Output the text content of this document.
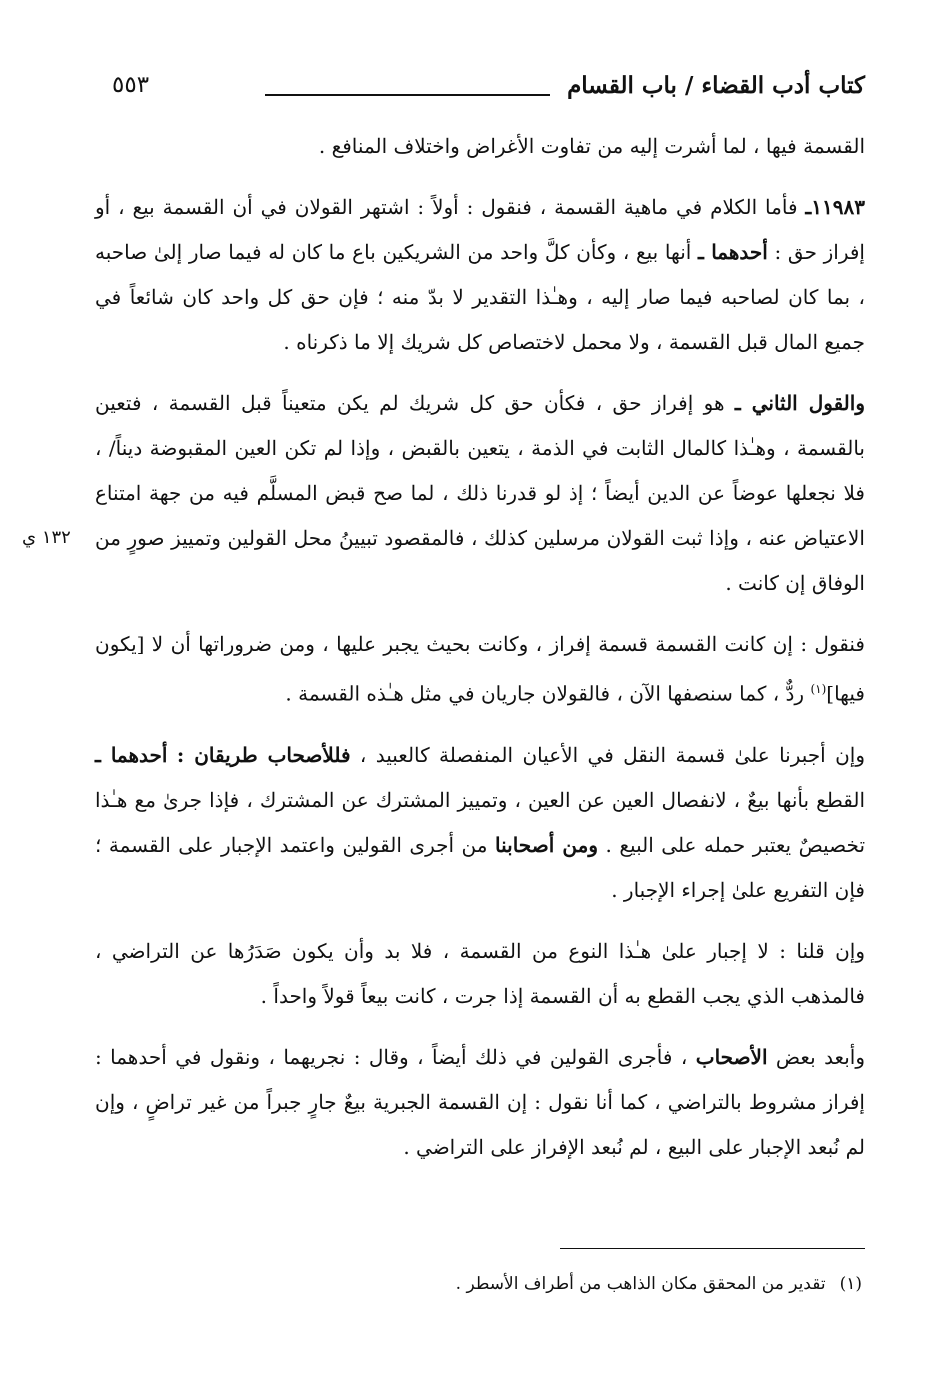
٥٥٣	كتاب أدب القضاء / باب القسام
١٣٢ ي

القسمة فيها ، لما أشرت إليه من تفاوت الأغراض واختلاف المنافع .

١١٩٨٣ـ فأما الكلام في ماهية القسمة ، فنقول : أولاً : اشتهر القولان في أن القسمة بيع ، أو إفراز حق : أحدهما ـ أنها بيع ، وكأن كلَّ واحد من الشريكين باع ما كان له فيما صار إلىٰ صاحبه ، بما كان لصاحبه فيما صار إليه ، وهـٰذا التقدير لا بدّ منه ؛ فإن حق كل واحد كان شائعاً في جميع المال قبل القسمة ، ولا محمل لاختصاص كل شريك إلا ما ذكرناه .

والقول الثاني ـ هو إفراز حق ، فكأن حق كل شريك لم يكن متعيناً قبل القسمة ، فتعين بالقسمة ، وهـٰذا كالمال الثابت في الذمة ، يتعين بالقبض ، وإذا لم تكن العين المقبوضة ديناً/ ، فلا نجعلها عوضاً عن الدين أيضاً ؛ إذ لو قدرنا ذلك ، لما صح قبض المسلَّم فيه من جهة امتناع الاعتياض عنه ، وإذا ثبت القولان مرسلين كذلك ، فالمقصود تبيينُ محل القولين وتمييز صورٍ من الوفاق إن كانت .

فنقول : إن كانت القسمة قسمة إفراز ، وكانت بحيث يجبر عليها ، ومن ضروراتها أن لا [يكون فيها]$^{(١)}$ ردٌّ ، كما سنصفها الآن ، فالقولان جاريان في مثل هـٰذه القسمة .

وإن أجبرنا علىٰ قسمة النقل في الأعيان المنفصلة كالعبيد ، فللأصحاب طريقان : أحدهما ـ القطع بأنها بيعٌ ، لانفصال العين عن العين ، وتمييز المشترك عن المشترك ، فإذا جرىٰ مع هـٰذا تخصيصٌ يعتبر حمله على البيع . ومن أصحابنا من أجرى القولين واعتمد الإجبار على القسمة ؛ فإن التفريع علىٰ إجراء الإجبار .

وإن قلنا : لا إجبار علىٰ هـٰذا النوع من القسمة ، فلا بد وأن يكون صَدَرُها عن التراضي ، فالمذهب الذي يجب القطع به أن القسمة إذا جرت ، كانت بيعاً قولاً واحداً .

وأبعد بعض الأصحاب ، فأجرى القولين في ذلك أيضاً ، وقال : نجريهما ، ونقول في أحدهما : إفراز مشروط بالتراضي ، كما أنا نقول : إن القسمة الجبرية بيعٌ جارٍ جبراً من غير تراضٍ ، وإن لم نُبعد الإجبار على البيع ، لم نُبعد الإفراز على التراضي .

(١)تقدير من المحقق مكان الذاهب من أطراف الأسطر .
